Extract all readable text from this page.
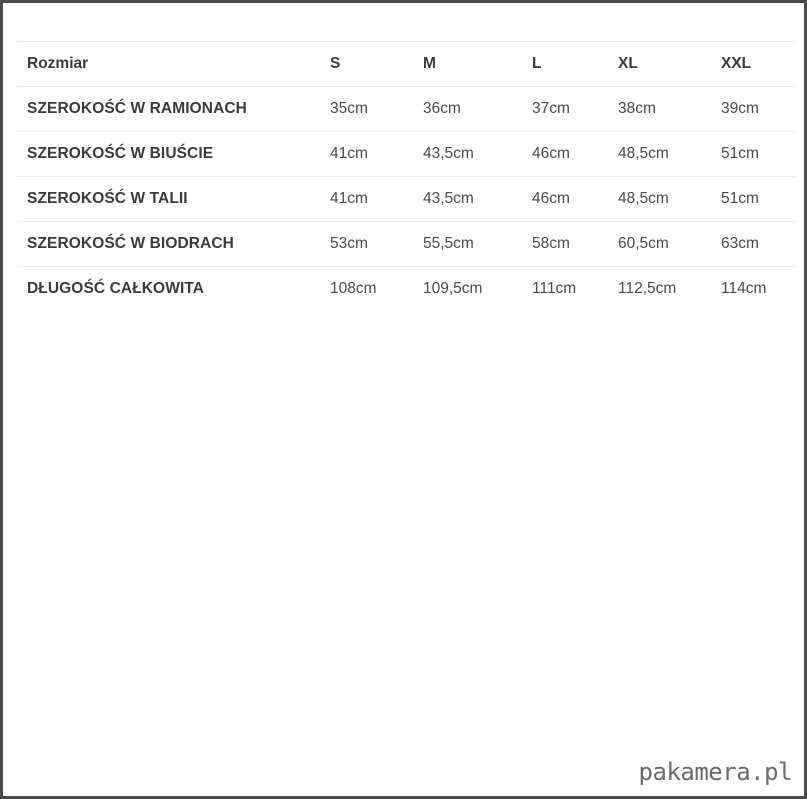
Rozmiar	S	M	L	XL	XXL
SZEROKOŚĆ W RAMIONACH	35cm	36cm	37cm	38cm	39cm
SZEROKOŚĆ W BIUŚCIE	41cm	43,5cm	46cm	48,5cm	51cm
SZEROKOŚĆ W TALII	41cm	43,5cm	46cm	48,5cm	51cm
SZEROKOŚĆ W BIODRACH	53cm	55,5cm	58cm	60,5cm	63cm
DŁUGOŚĆ CAŁKOWITA	108cm	109,5cm	111cm	112,5cm	114cm
pakamera.pl
